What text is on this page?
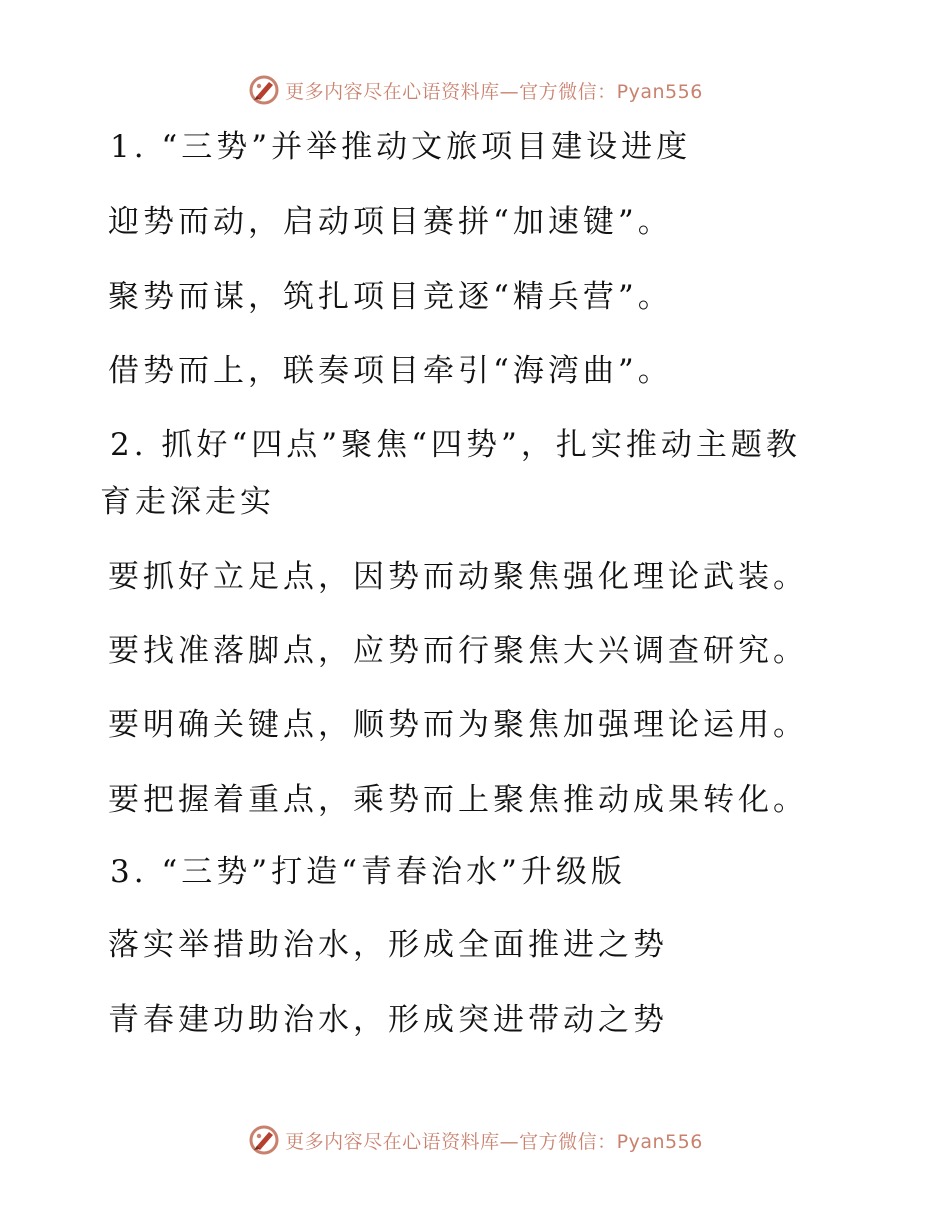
更多内容尽在心语资料库—官方微信：Pyan556
1. “三势”并举推动文旅项目建设进度
迎势而动，启动项目赛拼“加速键”。
聚势而谋，筑扎项目竞逐“精兵营”。
借势而上，联奏项目牵引“海湾曲”。
2. 抓好“四点”聚焦“四势”，扎实推动主题教
育走深走实
要抓好立足点，因势而动聚焦强化理论武装。
要找准落脚点，应势而行聚焦大兴调查研究。
要明确关键点，顺势而为聚焦加强理论运用。
要把握着重点，乘势而上聚焦推动成果转化。
3. “三势”打造“青春治水”升级版
落实举措助治水，形成全面推进之势
青春建功助治水，形成突进带动之势
更多内容尽在心语资料库—官方微信：Pyan556
